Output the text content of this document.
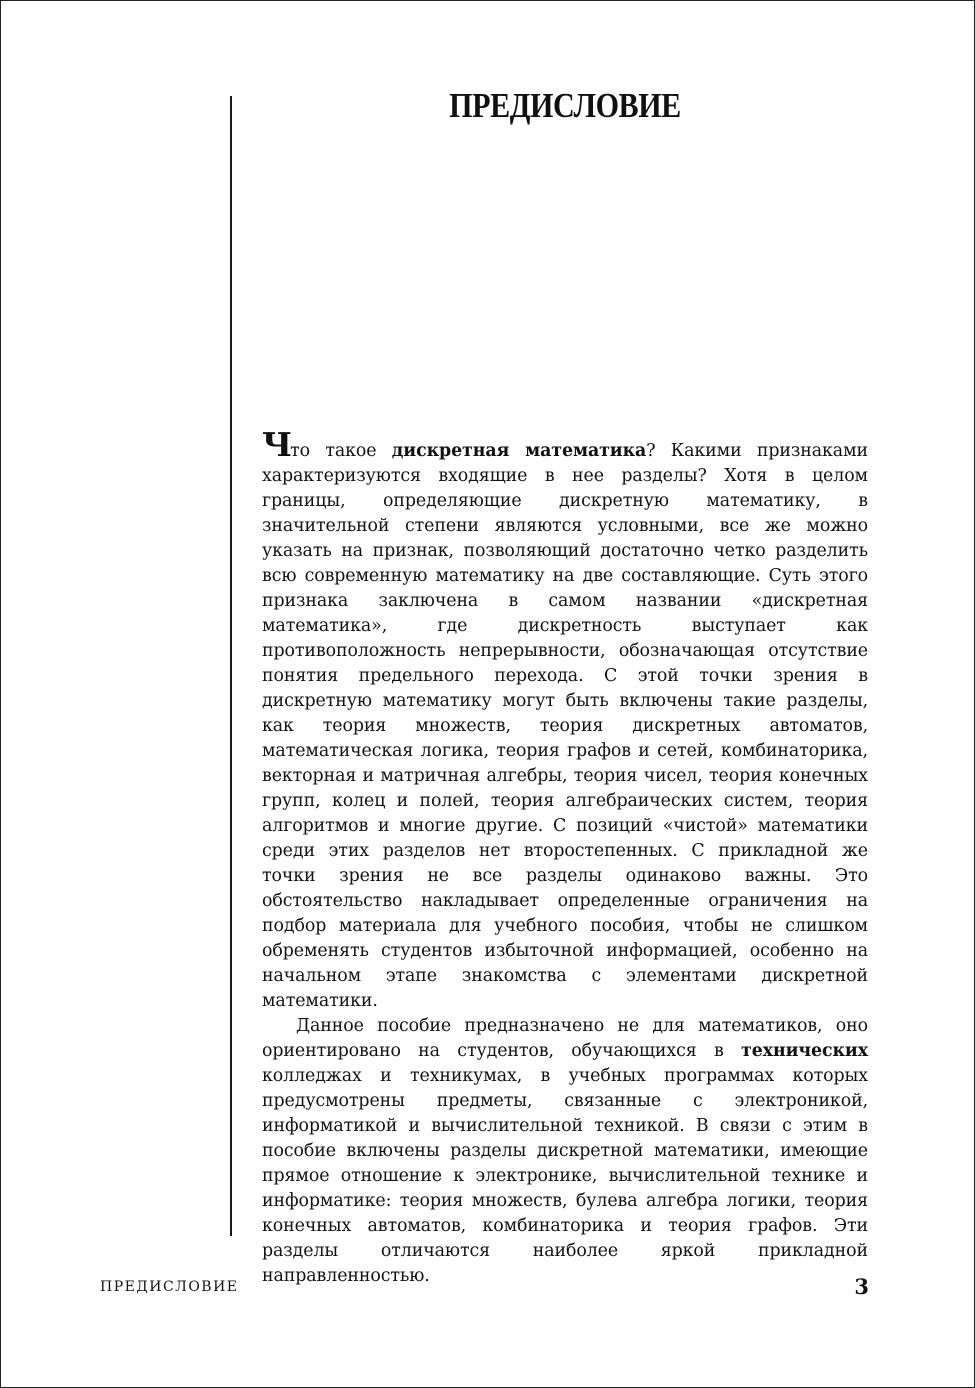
ПРЕДИСЛОВИЕ

Что такое дискретная математика? Какими признаками характеризуются входящие в нее разделы? Хотя в целом границы, определяющие дискретную математику, в значительной степени являются условными, все же можно указать на признак, позволяющий достаточно четко разделить всю современную математику на две составляющие. Суть этого признака заключена в самом названии «дискретная математика», где дискретность выступает как противоположность непрерывности, обозначающая отсутствие понятия предельного перехода. С этой точки зрения в дискретную математику могут быть включены такие разделы, как теория множеств, теория дискретных автоматов, математическая логика, теория графов и сетей, комбинаторика, векторная и матричная алгебры, теория чисел, теория конечных групп, колец и полей, теория алгебраических систем, теория алгоритмов и многие другие. С позиций «чистой» математики среди этих разделов нет второстепенных. С прикладной же точки зрения не все разделы одинаково важны. Это обстоятельство накладывает определенные ограничения на подбор материала для учебного пособия, чтобы не слишком обременять студентов избыточной информацией, особенно на начальном этапе знакомства с элементами дискретной математики.

Данное пособие предназначено не для математиков, оно ориентировано на студентов, обучающихся в технических колледжах и техникумах, в учебных программах которых предусмотрены предметы, связанные с электроникой, информатикой и вычислительной техникой. В связи с этим в пособие включены разделы дискретной математики, имеющие прямое отношение к электронике, вычислительной технике и информатике: теория множеств, булева алгебра логики, теория конечных автоматов, комбинаторика и теория графов. Эти разделы отличаются наиболее яркой прикладной направленностью.

ПРЕДИСЛОВИЕ	3
